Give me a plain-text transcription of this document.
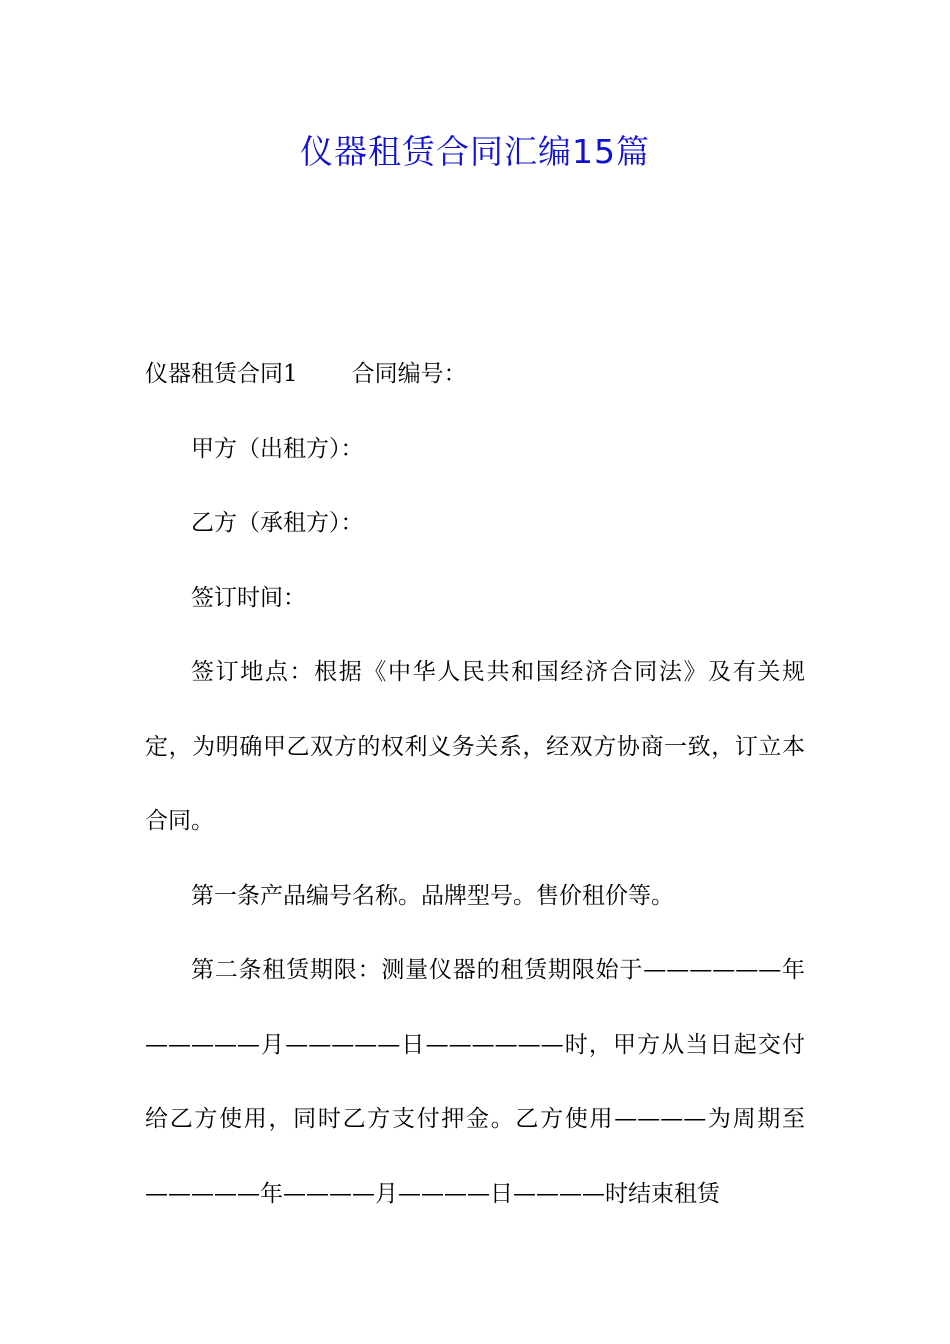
仪器租赁合同汇编15篇

仪器租赁合同1 合同编号：

甲方（出租方）：

乙方（承租方）：

签订时间：

签订地点：根据《中华人民共和国经济合同法》及有关规定，为明确甲乙双方的权利义务关系，经双方协商一致，订立本合同。

第一条产品编号名称。品牌型号。售价租价等。

第二条租赁期限：测量仪器的租赁期限始于——————年—————月—————日——————时，甲方从当日起交付给乙方使用，同时乙方支付押金。乙方使用————为周期至—————年————月————日————时结束租赁
